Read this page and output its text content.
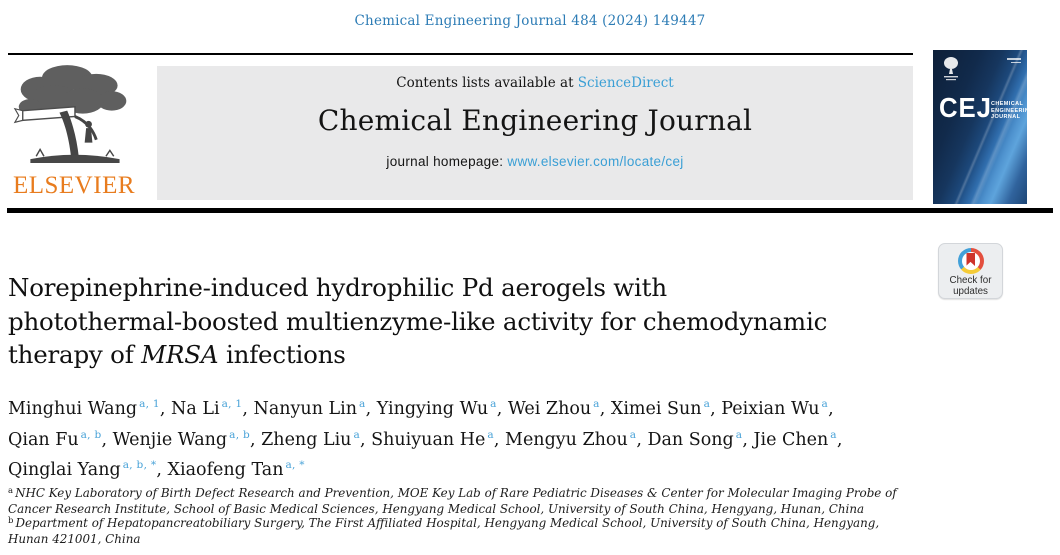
Chemical Engineering Journal 484 (2024) 149447
ELSEVIER
Contents lists available at ScienceDirect
Chemical Engineering Journal
journal homepage: www.elsevier.com/locate/cej
CEJ CHEMICAL
ENGINEERING
JOURNAL
Norepinephrine-induced hydrophilic Pd aerogels with
photothermal-boosted multienzyme-like activity for chemodynamic
therapy of MRSA infections
Check for
updates
Minghui Wang $^{a, 1}$, Na Li $^{a, 1}$, Nanyun Lin $^a$, Yingying Wu $^a$, Wei Zhou $^a$, Ximei Sun $^a$, Peixian Wu $^a$,
Qian Fu $^{a, b}$, Wenjie Wang $^{a, b}$, Zheng Liu $^a$, Shuiyuan He $^a$, Mengyu Zhou $^a$, Dan Song $^a$, Jie Chen $^a$,
Qinglai Yang $^{a, b, *}$, Xiaofeng Tan $^{a, *}$
$^a$ NHC Key Laboratory of Birth Defect Research and Prevention, MOE Key Lab of Rare Pediatric Diseases & Center for Molecular Imaging Probe of Cancer Research Institute, School of Basic Medical Sciences, Hengyang Medical School, University of South China, Hengyang, Hunan, China
$^b$ Department of Hepatopancreatobiliary Surgery, The First Affiliated Hospital, Hengyang Medical School, University of South China, Hengyang, Hunan 421001, China
